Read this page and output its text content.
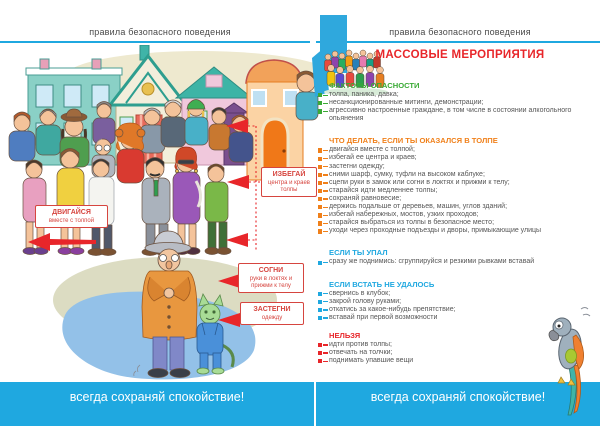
правила безопасного поведения	правила безопасного поведения
ДВИГАЙСЯ
вместе с толпой
ИЗБЕГАЙ
центра и краев толпы
СОГНИ
руки в локтях и прижми к телу
ЗАСТЕГНИ
одежду
МАССОВЫЕ МЕРОПРИЯТИЯ
ФАКТОРЫ ОПАСНОСТИ
толпа, паника, давка;
несанкционированные митинги, демонстрации;
агрессивно настроенные граждане, в том числе в состоянии алкогольного опьянения
ЧТО ДЕЛАТЬ, ЕСЛИ ТЫ ОКАЗАЛСЯ В ТОЛПЕ
двигайся вместе с толпой;
избегай ее центра и краев;
застегни одежду;
сними шарф, сумку, туфли на высоком каблуке;
сцепи руки в замок или согни в локтях и прижми к телу;
старайся идти медленнее толпы;
сохраняй равновесие;
держись подальше от деревьев, машин, углов зданий;
избегай набережных, мостов, узких проходов;
старайся выбраться из толпы в безопасное место;
уходи через проходные подъезды и дворы, примыкающие улицы
ЕСЛИ ТЫ УПАЛ
сразу же поднимись: сгруппируйся и резкими рывками вставай
ЕСЛИ ВСТАТЬ НЕ УДАЛОСЬ
свернись в клубок;
закрой голову руками;
откатись за какое-нибудь препятствие;
вставай при первой возможности
НЕЛЬЗЯ
идти против толпы;
отвечать на толчки;
поднимать упавшие вещи
всегда сохраняй спокойствие!	всегда сохраняй спокойствие!
